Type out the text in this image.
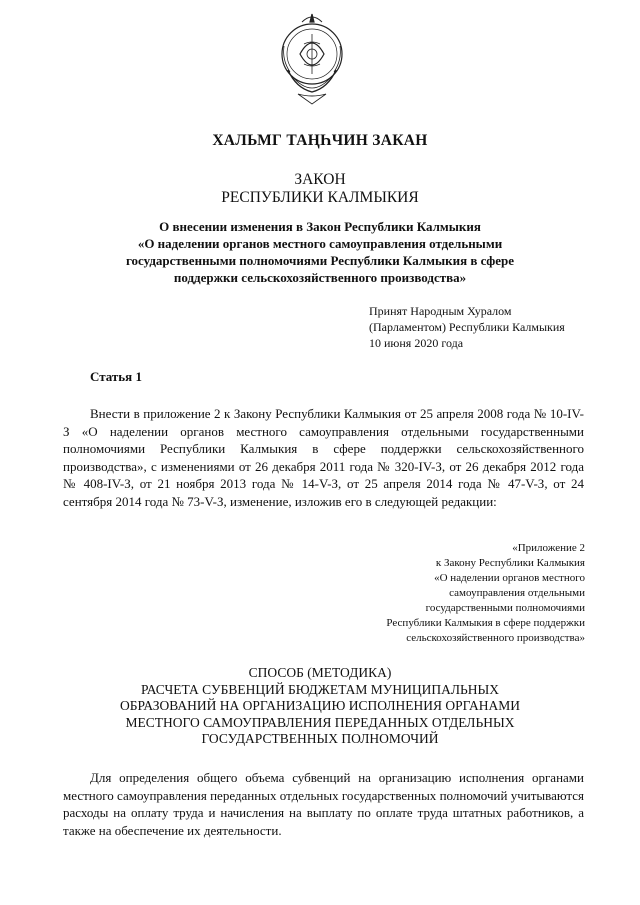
ХАЛЬМГ ТАҢҺЧИН ЗАКАН
ЗАКОН
РЕСПУБЛИКИ КАЛМЫКИЯ
О внесении изменения в Закон Республики Калмыкия
«О наделении органов местного самоуправления отдельными
государственными полномочиями Республики Калмыкия в сфере
поддержки сельскохозяйственного производства»
Принят Народным Хуралом
(Парламентом) Республики Калмыкия
10 июня 2020 года
Статья 1
Внести в приложение 2 к Закону Республики Калмыкия от 25 апреля 2008 года № 10-IV-З «О наделении органов местного самоуправления отдельными государственными полномочиями Республики Калмыкия в сфере поддержки сельскохозяйственного производства», с изменениями от 26 декабря 2011 года № 320-IV-З, от 26 декабря 2012 года № 408-IV-З, от 21 ноября 2013 года № 14-V-З, от 25 апреля 2014 года № 47-V-З, от 24 сентября 2014 года № 73-V-З, изменение, изложив его в следующей редакции:
«Приложение 2
к Закону Республики Калмыкия
«О наделении органов местного
самоуправления отдельными
государственными полномочиями
Республики Калмыкия в сфере поддержки
сельскохозяйственного производства»
СПОСОБ (МЕТОДИКА)
РАСЧЕТА СУБВЕНЦИЙ БЮДЖЕТАМ МУНИЦИПАЛЬНЫХ
ОБРАЗОВАНИЙ НА ОРГАНИЗАЦИЮ ИСПОЛНЕНИЯ ОРГАНАМИ
МЕСТНОГО САМОУПРАВЛЕНИЯ ПЕРЕДАННЫХ ОТДЕЛЬНЫХ
ГОСУДАРСТВЕННЫХ ПОЛНОМОЧИЙ
Для определения общего объема субвенций на организацию исполнения органами местного самоуправления переданных отдельных государственных полномочий учитываются расходы на оплату труда и начисления на выплату по оплате труда штатных работников, а также на обеспечение их деятельности.
